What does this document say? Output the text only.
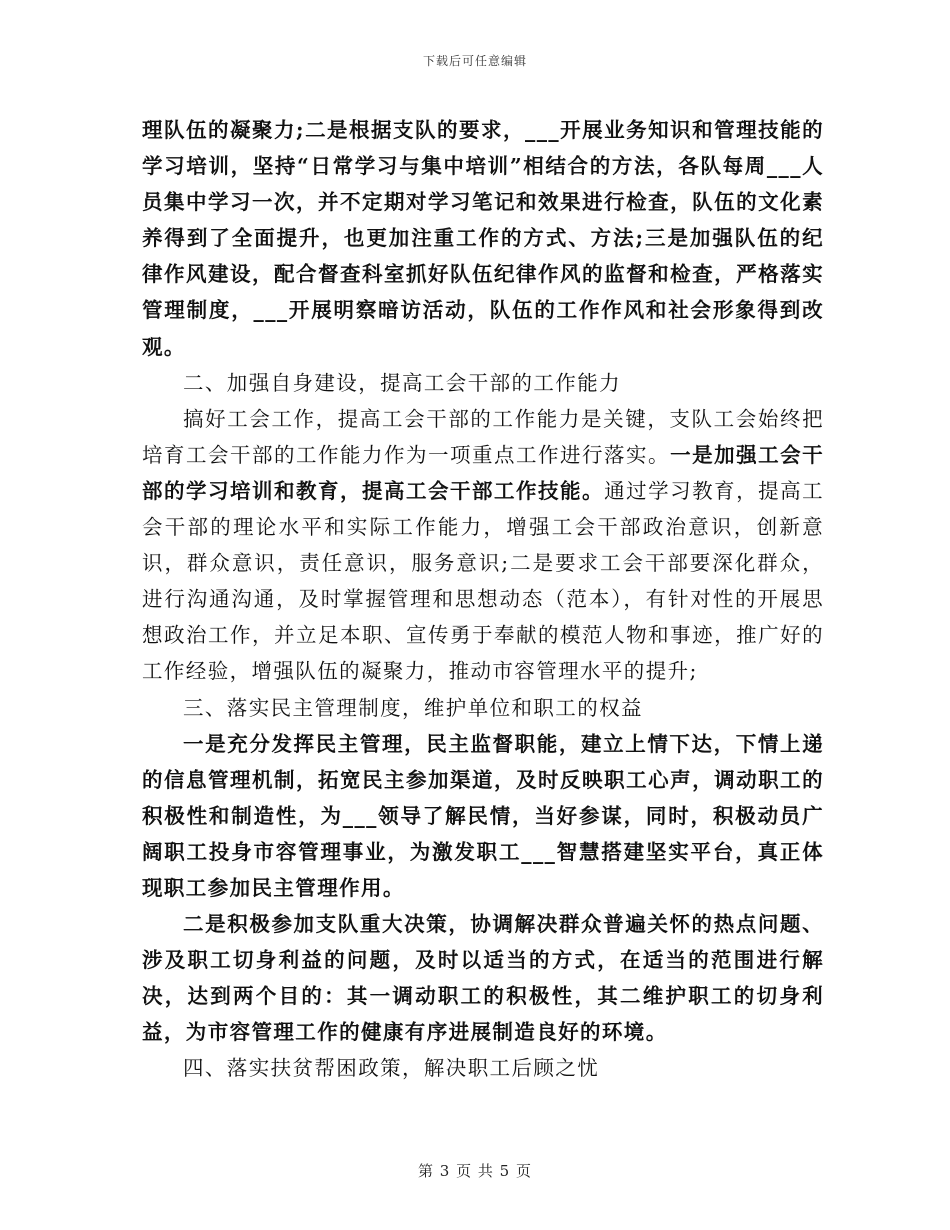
下载后可任意编辑

理队伍的凝聚力;二是根据支队的要求，___开展业务知识和管理技能的学习培训，坚持“日常学习与集中培训”相结合的方法，各队每周___人员集中学习一次，并不定期对学习笔记和效果进行检查，队伍的文化素养得到了全面提升，也更加注重工作的方式、方法;三是加强队伍的纪律作风建设，配合督查科室抓好队伍纪律作风的监督和检查，严格落实管理制度，___开展明察暗访活动，队伍的工作作风和社会形象得到改观。

二、加强自身建设，提高工会干部的工作能力

搞好工会工作，提高工会干部的工作能力是关键，支队工会始终把培育工会干部的工作能力作为一项重点工作进行落实。一是加强工会干部的学习培训和教育，提高工会干部工作技能。通过学习教育，提高工会干部的理论水平和实际工作能力，增强工会干部政治意识，创新意识，群众意识，责任意识，服务意识;二是要求工会干部要深化群众，进行沟通沟通，及时掌握管理和思想动态（范本），有针对性的开展思想政治工作，并立足本职、宣传勇于奉献的模范人物和事迹，推广好的工作经验，增强队伍的凝聚力，推动市容管理水平的提升;

三、落实民主管理制度，维护单位和职工的权益

一是充分发挥民主管理，民主监督职能，建立上情下达，下情上递的信息管理机制，拓宽民主参加渠道，及时反映职工心声，调动职工的积极性和制造性，为___领导了解民情，当好参谋，同时，积极动员广阔职工投身市容管理事业，为激发职工___智慧搭建坚实平台，真正体现职工参加民主管理作用。

二是积极参加支队重大决策，协调解决群众普遍关怀的热点问题、涉及职工切身利益的问题，及时以适当的方式，在适当的范围进行解决，达到两个目的：其一调动职工的积极性，其二维护职工的切身利益，为市容管理工作的健康有序进展制造良好的环境。

四、落实扶贫帮困政策，解决职工后顾之忧

第 3 页 共 5 页
